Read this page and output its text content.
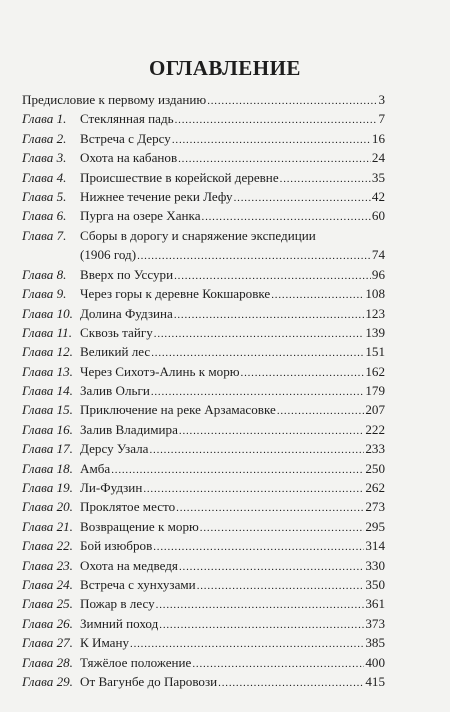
ОГЛАВЛЕНИЕ
Предисловие к первому изданию .....	3
Глава 1.	Стеклянная падь .....	7
Глава 2.	Встреча с Дерсу .....	16
Глава 3.	Охота на кабанов .....	24
Глава 4.	Происшествие в корейской деревне .....	35
Глава 5.	Нижнее течение реки Лефу .....	42
Глава 6.	Пурга на озере Ханка .....	60
Глава 7.	Сборы в дорогу и снаряжение экспедиции
(1906 год) .....	74
Глава 8.	Вверх по Уссури .....	96
Глава 9.	Через горы к деревне Кокшаровке .....	108
Глава 10. Долина Фудзина .....	123
Глава 11. Сквозь тайгу .....	139
Глава 12. Великий лес .....	151
Глава 13. Через Сихотэ-Алинь к морю .....	162
Глава 14. Залив Ольги .....	179
Глава 15. Приключение на реке Арзамасовке .....	207
Глава 16. Залив Владимира .....	222
Глава 17. Дерсу Узала .....	233
Глава 18. Амба .....	250
Глава 19. Ли-Фудзин .....	262
Глава 20. Проклятое место .....	273
Глава 21. Возвращение к морю .....	295
Глава 22. Бой изюбров .....	314
Глава 23. Охота на медведя .....	330
Глава 24. Встреча с хунхузами .....	350
Глава 25. Пожар в лесу .....	361
Глава 26. Зимний поход .....	373
Глава 27. К Иману .....	385
Глава 28. Тяжёлое положение .....	400
Глава 29. От Вагунбе до Паровози .....	415
